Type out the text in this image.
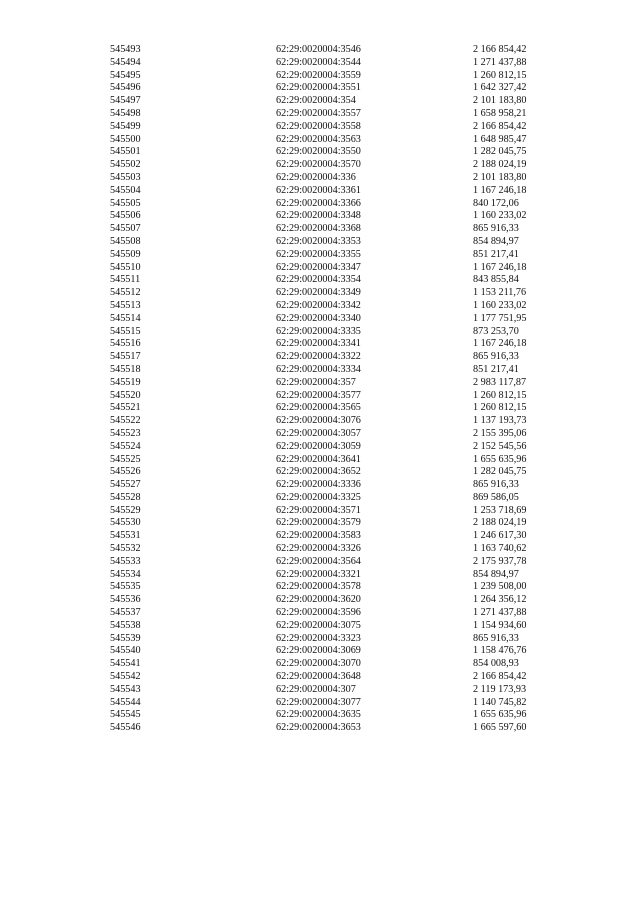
545493	62:29:0020004:3546	2 166 854,42
545494	62:29:0020004:3544	1 271 437,88
545495	62:29:0020004:3559	1 260 812,15
545496	62:29:0020004:3551	1 642 327,42
545497	62:29:0020004:354	2 101 183,80
545498	62:29:0020004:3557	1 658 958,21
545499	62:29:0020004:3558	2 166 854,42
545500	62:29:0020004:3563	1 648 985,47
545501	62:29:0020004:3550	1 282 045,75
545502	62:29:0020004:3570	2 188 024,19
545503	62:29:0020004:336	2 101 183,80
545504	62:29:0020004:3361	1 167 246,18
545505	62:29:0020004:3366	840 172,06
545506	62:29:0020004:3348	1 160 233,02
545507	62:29:0020004:3368	865 916,33
545508	62:29:0020004:3353	854 894,97
545509	62:29:0020004:3355	851 217,41
545510	62:29:0020004:3347	1 167 246,18
545511	62:29:0020004:3354	843 855,84
545512	62:29:0020004:3349	1 153 211,76
545513	62:29:0020004:3342	1 160 233,02
545514	62:29:0020004:3340	1 177 751,95
545515	62:29:0020004:3335	873 253,70
545516	62:29:0020004:3341	1 167 246,18
545517	62:29:0020004:3322	865 916,33
545518	62:29:0020004:3334	851 217,41
545519	62:29:0020004:357	2 983 117,87
545520	62:29:0020004:3577	1 260 812,15
545521	62:29:0020004:3565	1 260 812,15
545522	62:29:0020004:3076	1 137 193,73
545523	62:29:0020004:3057	2 155 395,06
545524	62:29:0020004:3059	2 152 545,56
545525	62:29:0020004:3641	1 655 635,96
545526	62:29:0020004:3652	1 282 045,75
545527	62:29:0020004:3336	865 916,33
545528	62:29:0020004:3325	869 586,05
545529	62:29:0020004:3571	1 253 718,69
545530	62:29:0020004:3579	2 188 024,19
545531	62:29:0020004:3583	1 246 617,30
545532	62:29:0020004:3326	1 163 740,62
545533	62:29:0020004:3564	2 175 937,78
545534	62:29:0020004:3321	854 894,97
545535	62:29:0020004:3578	1 239 508,00
545536	62:29:0020004:3620	1 264 356,12
545537	62:29:0020004:3596	1 271 437,88
545538	62:29:0020004:3075	1 154 934,60
545539	62:29:0020004:3323	865 916,33
545540	62:29:0020004:3069	1 158 476,76
545541	62:29:0020004:3070	854 008,93
545542	62:29:0020004:3648	2 166 854,42
545543	62:29:0020004:307	2 119 173,93
545544	62:29:0020004:3077	1 140 745,82
545545	62:29:0020004:3635	1 655 635,96
545546	62:29:0020004:3653	1 665 597,60
